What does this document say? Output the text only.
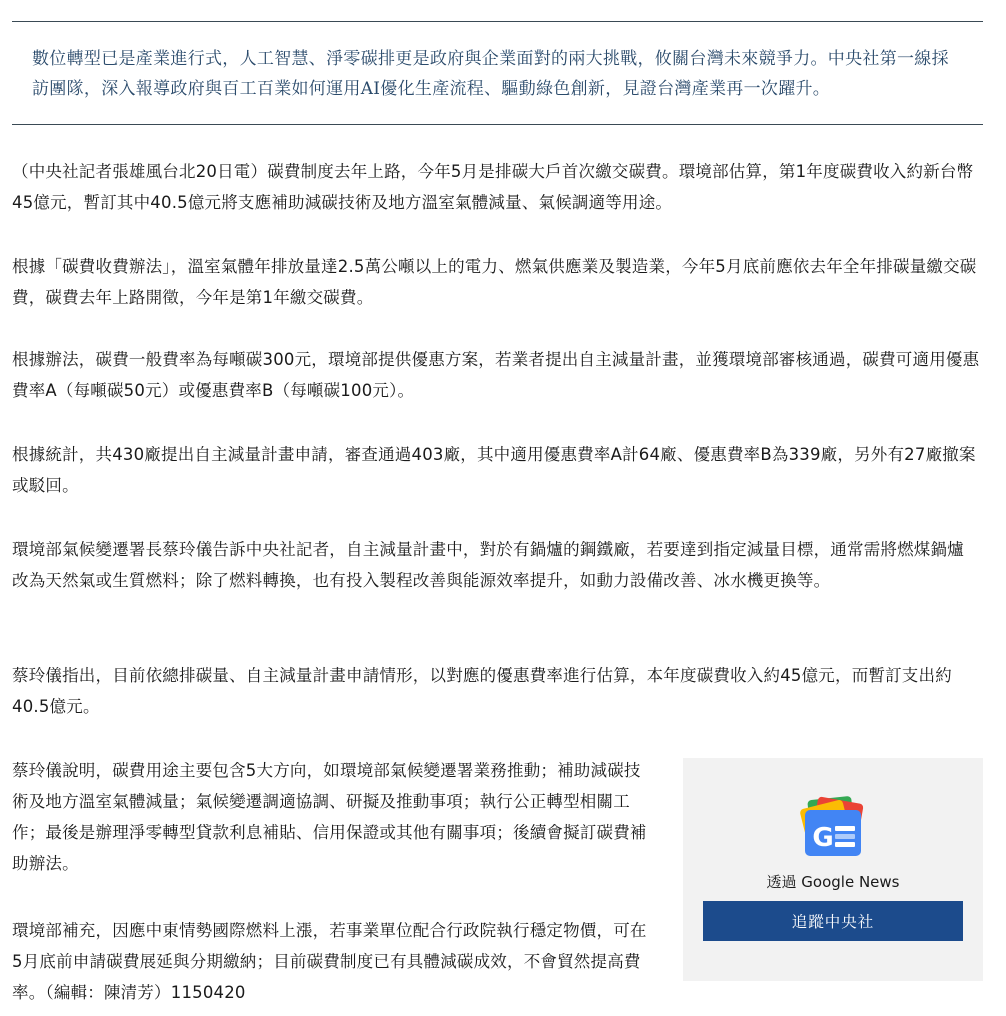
數位轉型已是產業進行式，人工智慧、淨零碳排更是政府與企業面對的兩大挑戰，攸關台灣未來競爭力。中央社第一線採訪團隊，深入報導政府與百工百業如何運用AI優化生產流程、驅動綠色創新，見證台灣產業再一次躍升。

（中央社記者張雄風台北20日電）碳費制度去年上路，今年5月是排碳大戶首次繳交碳費。環境部估算，第1年度碳費收入約新台幣45億元，暫訂其中40.5億元將支應補助減碳技術及地方溫室氣體減量、氣候調適等用途。

根據「碳費收費辦法」，溫室氣體年排放量達2.5萬公噸以上的電力、燃氣供應業及製造業，今年5月底前應依去年全年排碳量繳交碳費，碳費去年上路開徵，今年是第1年繳交碳費。

根據辦法，碳費一般費率為每噸碳300元，環境部提供優惠方案，若業者提出自主減量計畫，並獲環境部審核通過，碳費可適用優惠費率A（每噸碳50元）或優惠費率B（每噸碳100元）。

根據統計，共430廠提出自主減量計畫申請，審查通過403廠，其中適用優惠費率A計64廠、優惠費率B為339廠，另外有27廠撤案或駁回。

環境部氣候變遷署長蔡玲儀告訴中央社記者，自主減量計畫中，對於有鍋爐的鋼鐵廠，若要達到指定減量目標，通常需將燃煤鍋爐改為天然氣或生質燃料；除了燃料轉換，也有投入製程改善與能源效率提升，如動力設備改善、冰水機更換等。

蔡玲儀指出，目前依總排碳量、自主減量計畫申請情形，以對應的優惠費率進行估算，本年度碳費收入約45億元，而暫訂支出約40.5億元。

蔡玲儀說明，碳費用途主要包含5大方向，如環境部氣候變遷署業務推動；補助減碳技術及地方溫室氣體減量；氣候變遷調適協調、研擬及推動事項；執行公正轉型相關工作；最後是辦理淨零轉型貸款利息補貼、信用保證或其他有關事項；後續會擬訂碳費補助辦法。

環境部補充，因應中東情勢國際燃料上漲，若事業單位配合行政院執行穩定物價，可在5月底前申請碳費展延與分期繳納；目前碳費制度已有具體減碳成效，不會貿然提高費率。（編輯：陳清芳）1150420

G
透過 Google News
追蹤中央社
